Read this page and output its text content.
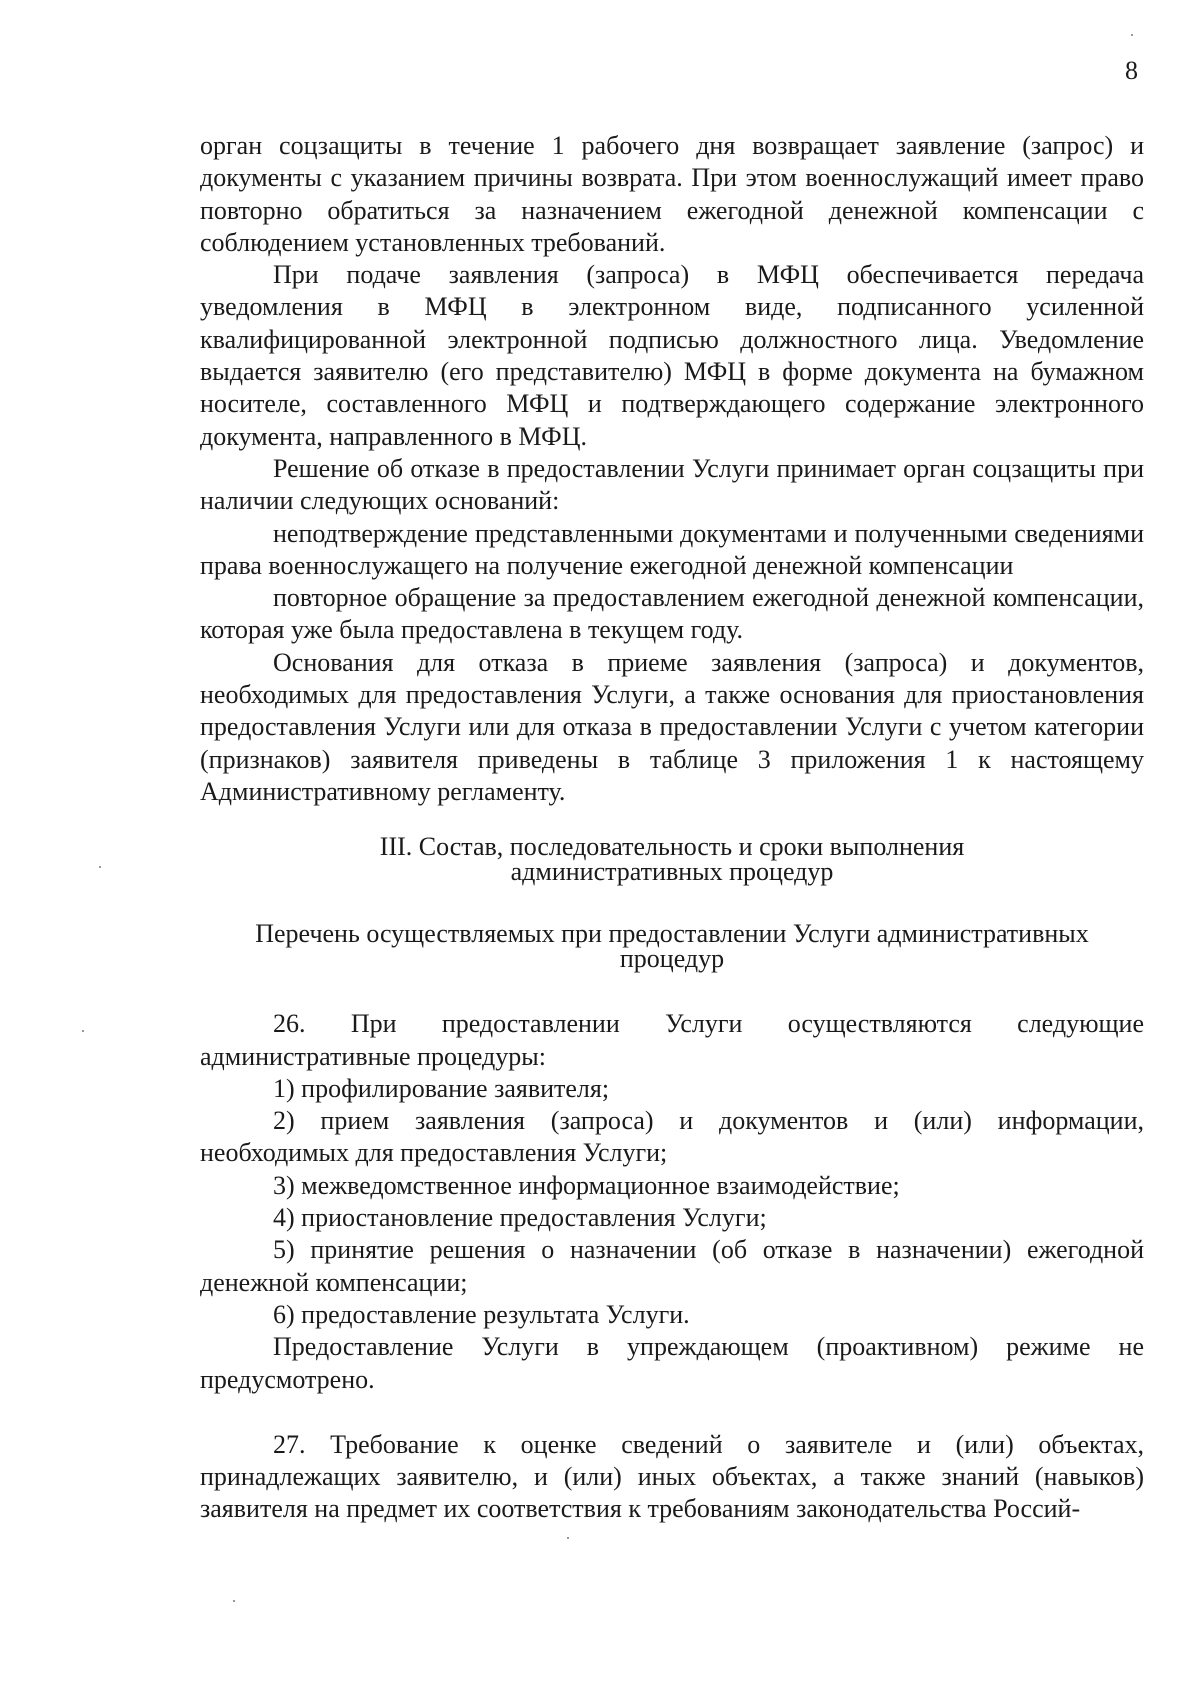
8

орган соцзащиты в течение 1 рабочего дня возвращает заявление (запрос) и документы с указанием причины возврата. При этом военнослужащий имеет право повторно обратиться за назначением ежегодной денежной компенсации с соблюдением установленных требований.

При подаче заявления (запроса) в МФЦ обеспечивается передача уведомления в МФЦ в электронном виде, подписанного усиленной квалифицированной электронной подписью должностного лица. Уведомление выдается заявителю (его представителю) МФЦ в форме документа на бумажном носителе, составленного МФЦ и подтверждающего содержание электронного документа, направленного в МФЦ.

Решение об отказе в предоставлении Услуги принимает орган соцзащиты при наличии следующих оснований:

неподтверждение представленными документами и полученными сведениями права военнослужащего на получение ежегодной денежной компенсации

повторное обращение за предоставлением ежегодной денежной компенсации, которая уже была предоставлена в текущем году.

Основания для отказа в приеме заявления (запроса) и документов, необходимых для предоставления Услуги, а также основания для приостановления предоставления Услуги или для отказа в предоставлении Услуги с учетом категории (признаков) заявителя приведены в таблице 3 приложения 1 к настоящему Административному регламенту.

III. Состав, последовательность и сроки выполнения административных процедур

Перечень осуществляемых при предоставлении Услуги административных процедур

26. При предоставлении Услуги осуществляются следующие административные процедуры:

1) профилирование заявителя;

2) прием заявления (запроса) и документов и (или) информации, необходимых для предоставления Услуги;

3) межведомственное информационное взаимодействие;

4) приостановление предоставления Услуги;

5) принятие решения о назначении (об отказе в назначении) ежегодной денежной компенсации;

6) предоставление результата Услуги.

Предоставление Услуги в упреждающем (проактивном) режиме не предусмотрено.

27. Требование к оценке сведений о заявителе и (или) объектах, принадлежащих заявителю, и (или) иных объектах, а также знаний (навыков) заявителя на предмет их соответствия к требованиям законодательства Россий-
